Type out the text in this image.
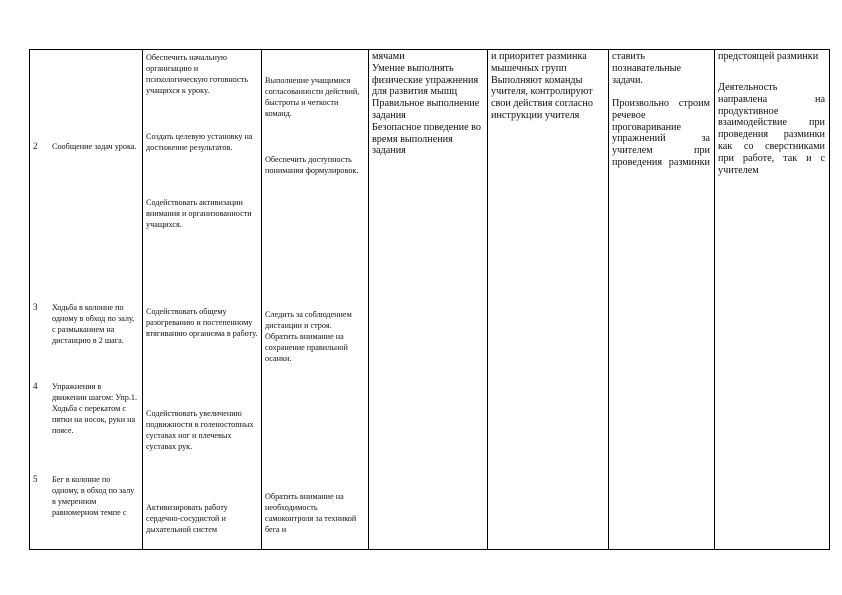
2 Сообщение задач урока.
3 Ходьба в колонне по одному в обход по залу, с размыканием на дистанцию в 2 шага.
4 Упражнения в движении шагом: Упр.1. Ходьба с перекатом с пятки на носок, руки на поясе.
5 Бег в колонне по одному, в обход по залу в умеренном равномерном темпе с
Обеспечить начальную организацию и психологическую готовность учащихся к уроку.
Создать целевую установку на достижение результатов.
Содействовать активизации внимания и организованности учащихся.
Содействовать общему разогреванию и постепенному втягиванию организма в работу.
Содействовать увеличению подвижности в голеностопных суставах ног и плечевых суставах рук.
Активизировать работу сердечно-сосудистой и дыхательной систем
Выполнение учащимися согласованности действий, быстроты и четкости команд.
Обеспечить доступность понимания формулировок.
Следить за соблюдением дистанции и строя. Обратить внимание на сохранение правильной осанки.
Обратить внимание на необходимость самоконтроля за техникой бега и
мячами
Умение выполнять физические упражнения для развития мышц
Правильное выполнение задания
Безопасное поведение во время выполнения задания
и приоритет разминка мышечных групп
Выполняют команды учителя, контролируют свои действия согласно инструкции учителя
ставить познавательные задачи.
Произвольно строим речевое проговаривание упражнений за учителем при проведения разминки
предстоящей разминки
Деятельность направлена на продуктивное взаимодействие при проведения разминки как со сверстниками при работе, так и с учителем
